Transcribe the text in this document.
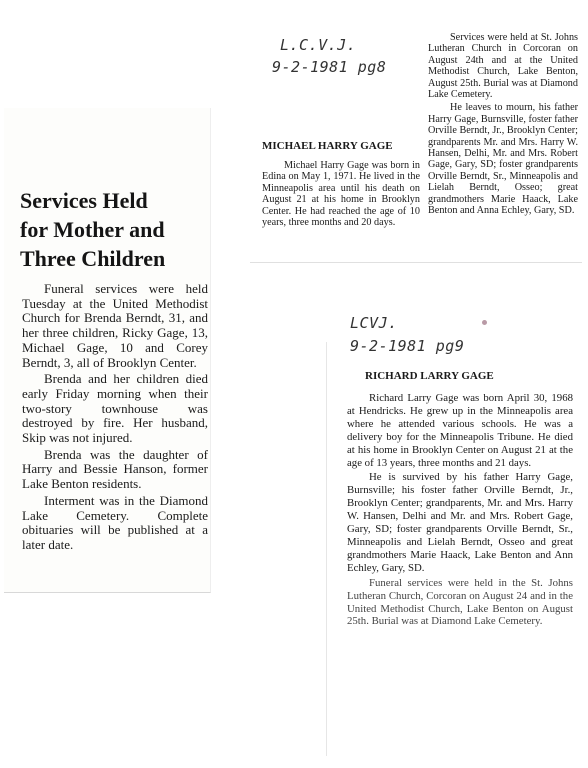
Services Held
for Mother and
Three Children

Funeral services were held Tuesday at the United Methodist Church for Brenda Berndt, 31, and her three children, Ricky Gage, 13, Michael Gage, 10 and Corey Berndt, 3, all of Brooklyn Center.

Brenda and her children died early Friday morning when their two-story townhouse was destroyed by fire. Her husband, Skip was not injured.

Brenda was the daughter of Harry and Bessie Hanson, former Lake Benton residents.

Interment was in the Diamond Lake Cemetery. Complete obituaries will be published at a later date.

L.C.V.J.
9-2-1981 pg8
MICHAEL HARRY GAGE

Michael Harry Gage was born in Edina on May 1, 1971. He lived in the Minneapolis area until his death on August 21 at his home in Brooklyn Center. He had reached the age of 10 years, three months and 20 days.

Services were held at St. Johns Lutheran Church in Corcoran on August 24th and at the United Methodist Church, Lake Benton, August 25th. Burial was at Diamond Lake Cemetery.

He leaves to mourn, his father Harry Gage, Burnsville, foster father Orville Berndt, Jr., Brooklyn Center; grandparents Mr. and Mrs. Harry W. Hansen, Delhi, Mr. and Mrs. Robert Gage, Gary, SD; foster grandparents Orville Berndt, Sr., Minneapolis and Lielah Berndt, Osseo; great grandmothers Marie Haack, Lake Benton and Anna Echley, Gary, SD.

LCVJ.
9-2-1981 pg9
RICHARD LARRY GAGE

Richard Larry Gage was born April 30, 1968 at Hendricks. He grew up in the Minneapolis area where he attended various schools. He was a delivery boy for the Minneapolis Tribune. He died at his home in Brooklyn Center on August 21 at the age of 13 years, three months and 21 days.

He is survived by his father Harry Gage, Burnsville; his foster father Orville Berndt, Jr., Brooklyn Center; grandparents, Mr. and Mrs. Harry W. Hansen, Delhi and Mr. and Mrs. Robert Gage, Gary, SD; foster grandparents Orville Berndt, Sr., Minneapolis and Lielah Berndt, Osseo and great grandmothers Marie Haack, Lake Benton and Ann Echley, Gary, SD.

Funeral services were held in the St. Johns Lutheran Church, Corcoran on August 24 and in the United Methodist Church, Lake Benton on August 25th. Burial was at Diamond Lake Cemetery.
